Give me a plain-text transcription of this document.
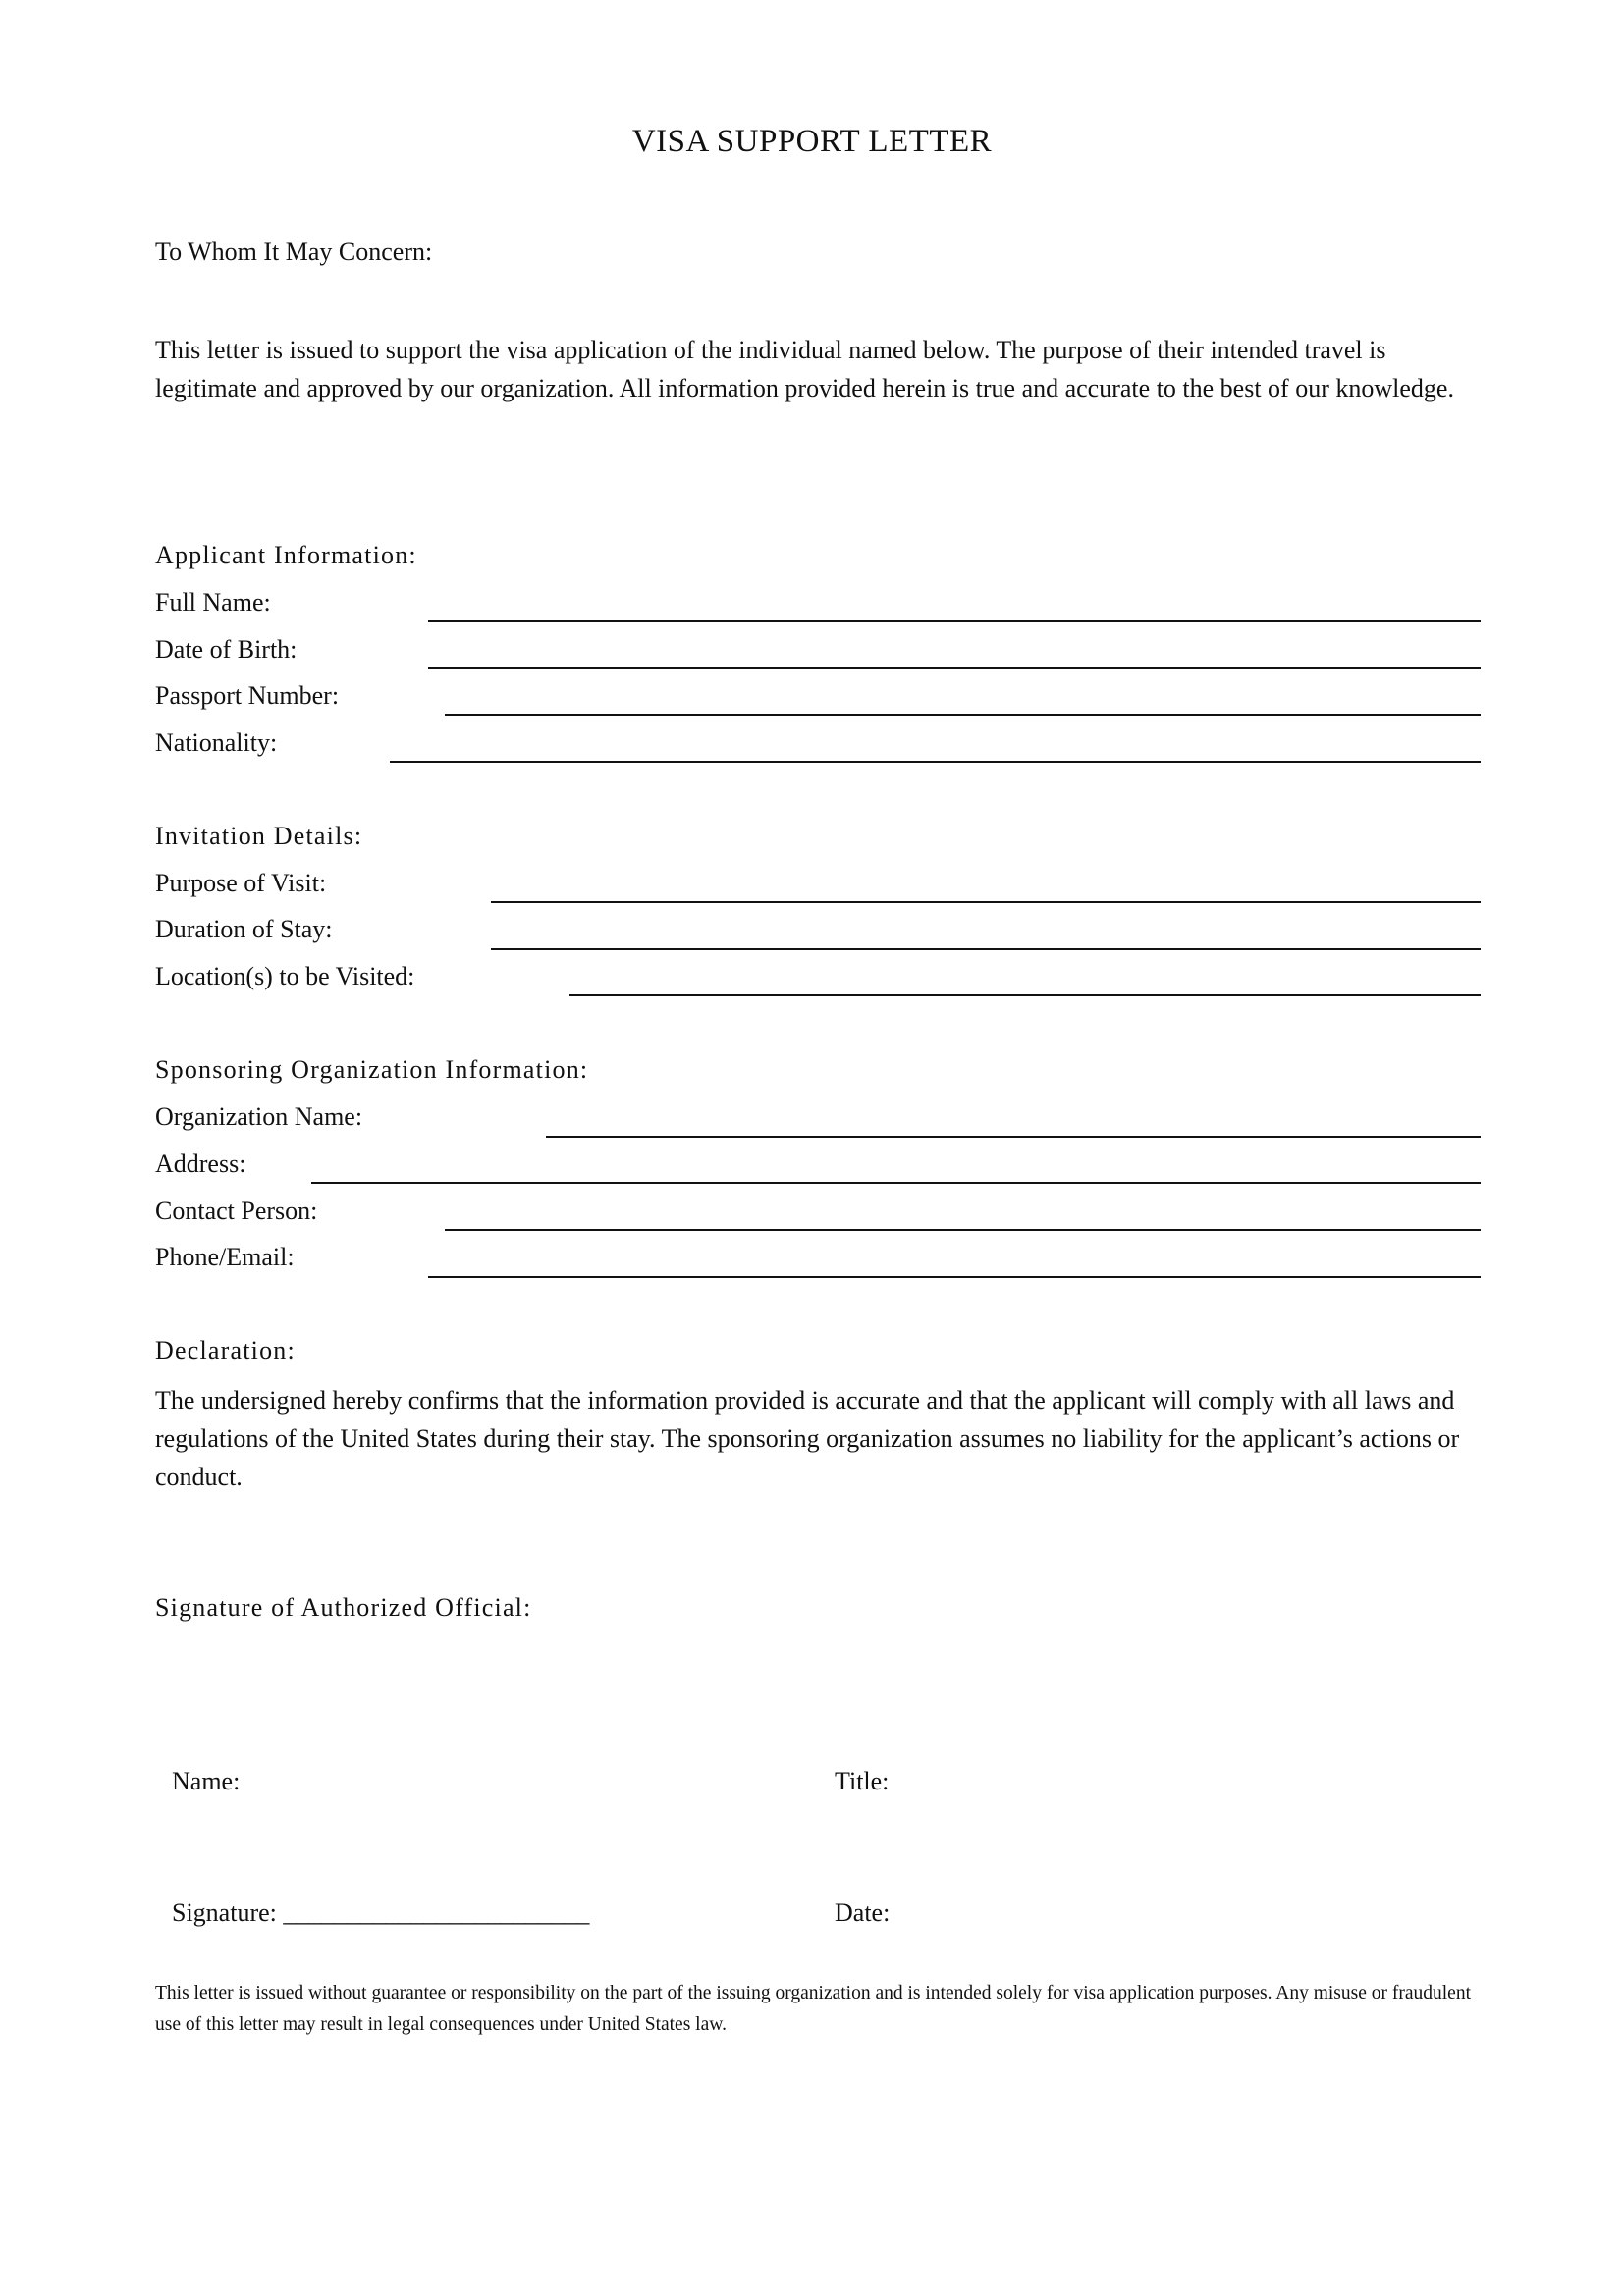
VISA SUPPORT LETTER
To Whom It May Concern:
This letter is issued to support the visa application of the individual named below. The purpose of their intended travel is legitimate and approved by our organization. All information provided herein is true and accurate to the best of our knowledge.
Applicant Information:
Full Name:
Date of Birth:
Passport Number:
Nationality:
Invitation Details:
Purpose of Visit:
Duration of Stay:
Location(s) to be Visited:
Sponsoring Organization Information:
Organization Name:
Address:
Contact Person:
Phone/Email:
Declaration:
The undersigned hereby confirms that the information provided is accurate and that the applicant will comply with all laws and regulations of the United States during their stay. The sponsoring organization assumes no liability for the applicant’s actions or conduct.
Signature of Authorized Official:
Name:	Title:
Signature: ________________________	Date:
This letter is issued without guarantee or responsibility on the part of the issuing organization and is intended solely for visa application purposes. Any misuse or fraudulent use of this letter may result in legal consequences under United States law.
